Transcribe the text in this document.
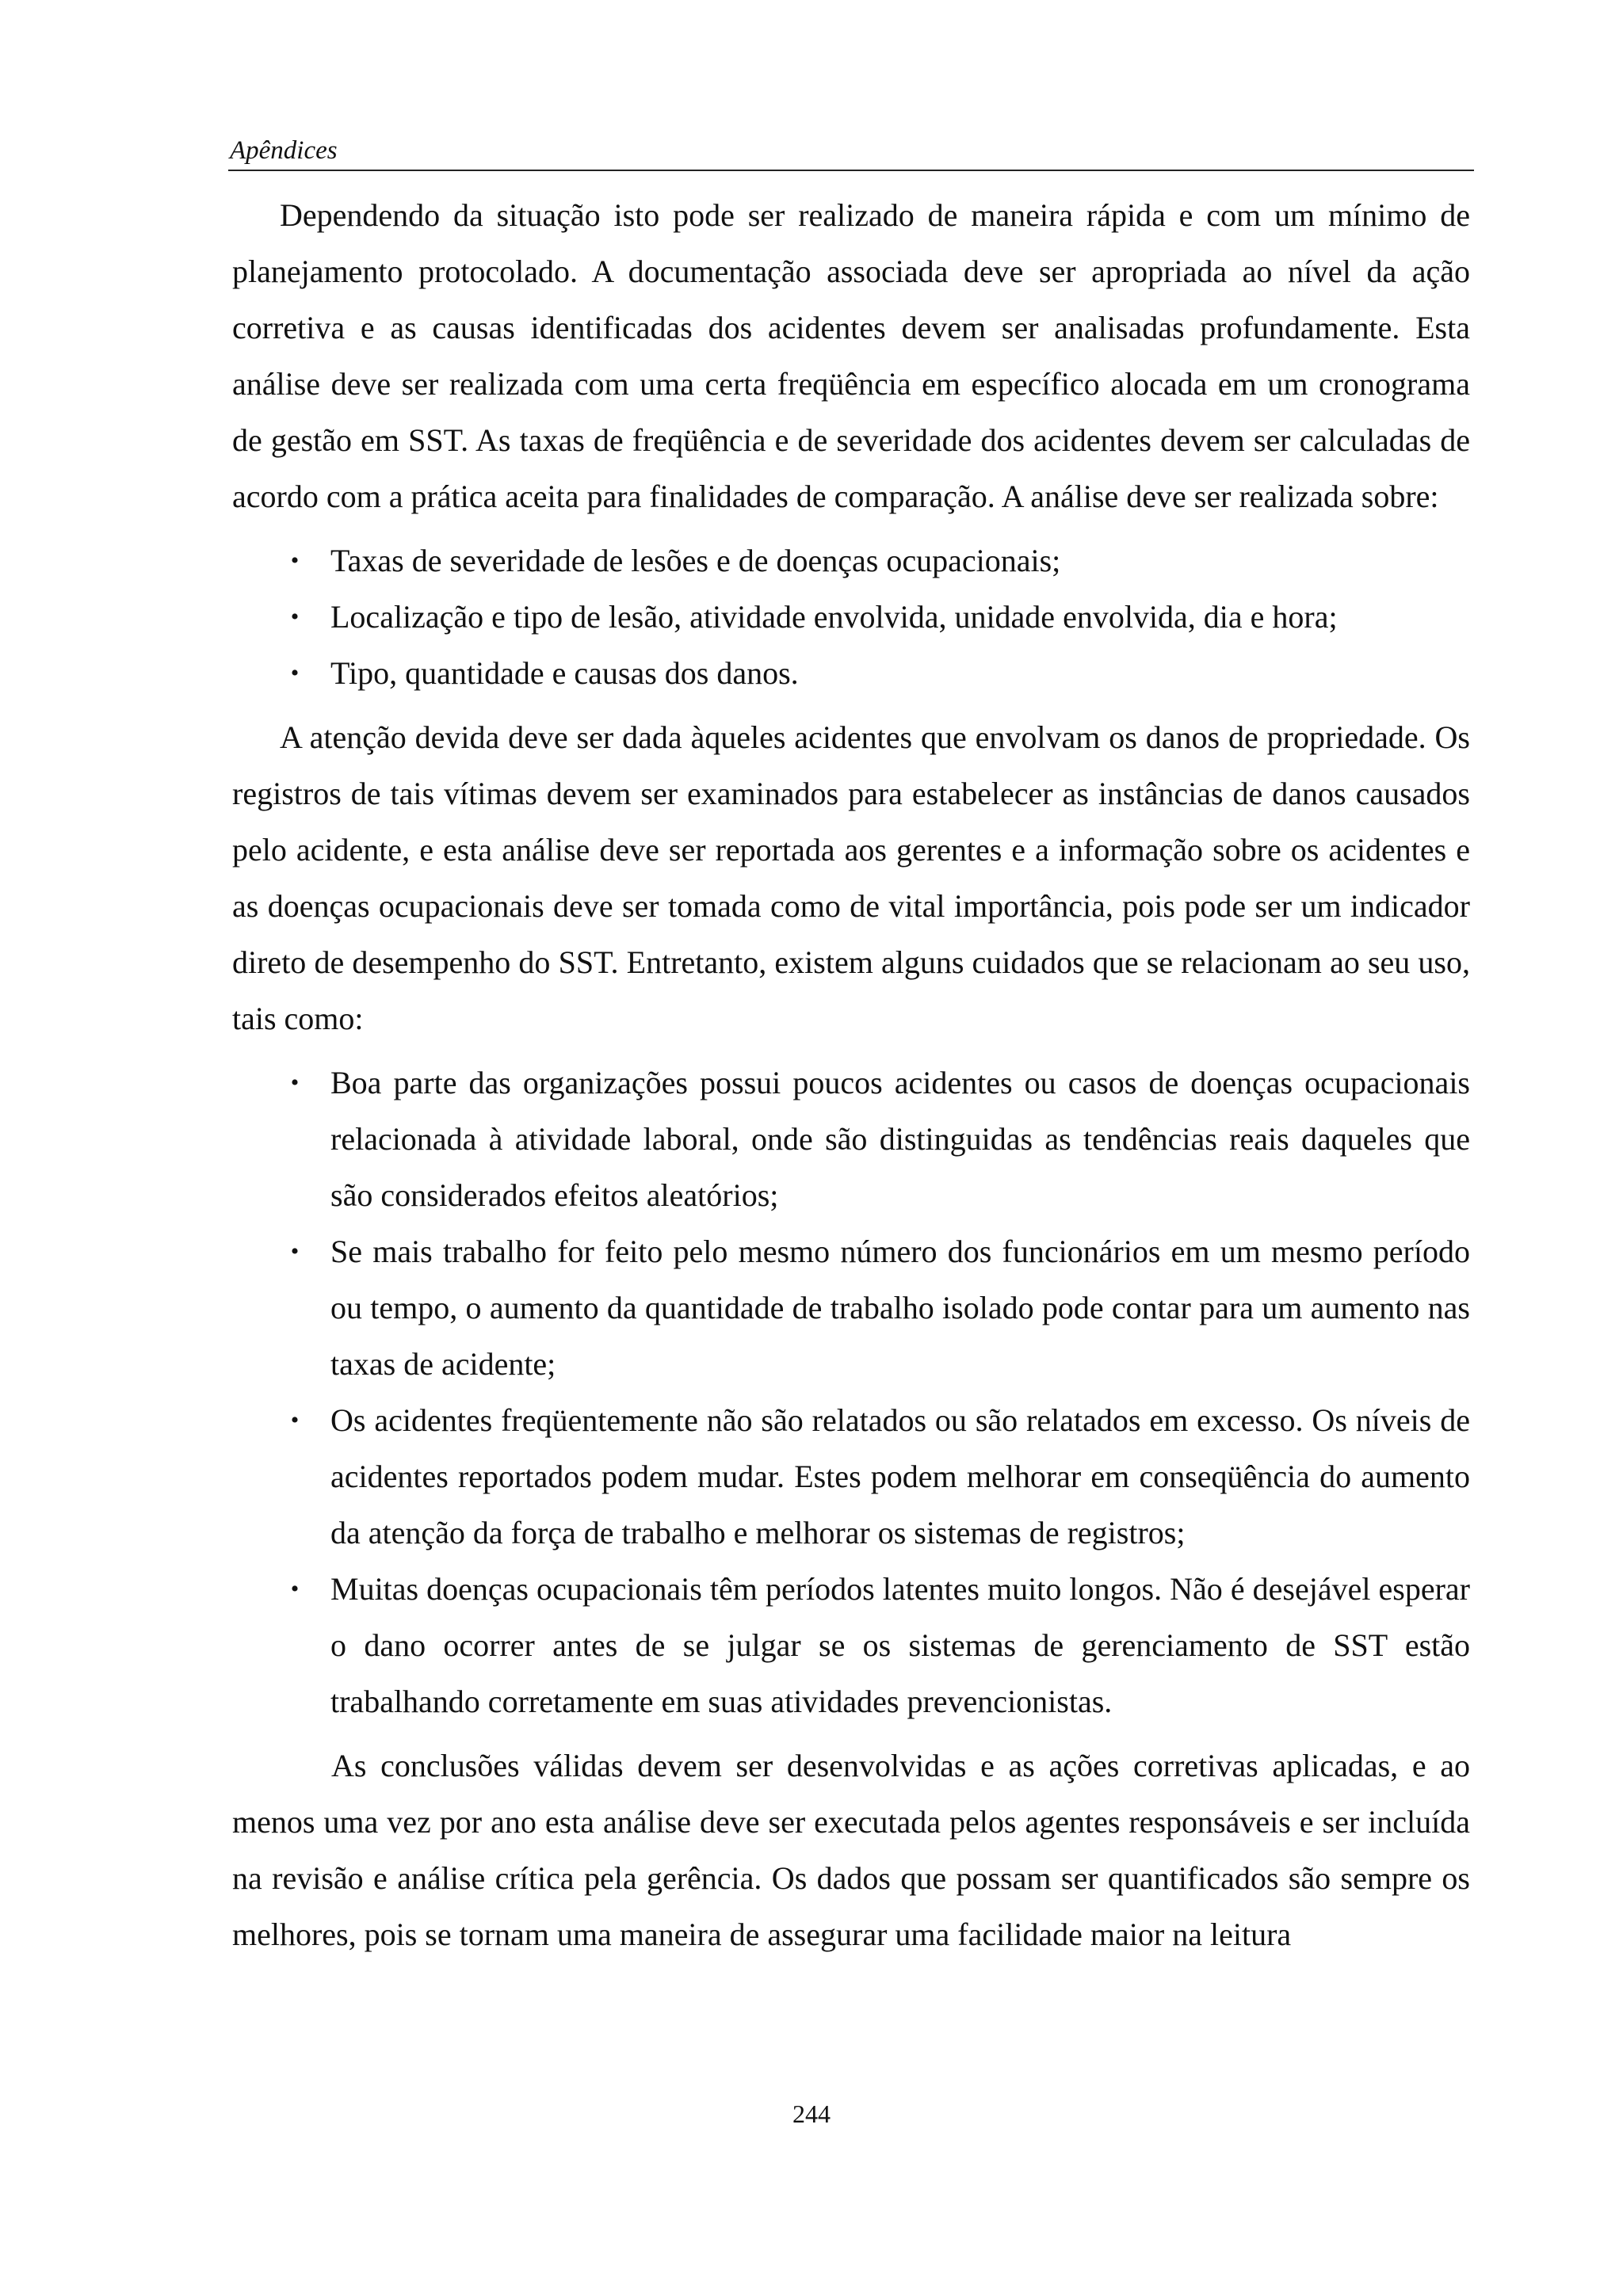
Apêndices

Dependendo da situação isto pode ser realizado de maneira rápida e com um mínimo de planejamento protocolado. A documentação associada deve ser apropriada ao nível da ação corretiva e as causas identificadas dos acidentes devem ser analisadas profundamente. Esta análise deve ser realizada com uma certa freqüência em específico alocada em um cronograma de gestão em SST. As taxas de freqüência e de severidade dos acidentes devem ser calculadas de acordo com a prática aceita para finalidades de comparação. A análise deve ser realizada sobre:

• Taxas de severidade de lesões e de doenças ocupacionais;
• Localização e tipo de lesão, atividade envolvida, unidade envolvida, dia e hora;
• Tipo, quantidade e causas dos danos.

A atenção devida deve ser dada àqueles acidentes que envolvam os danos de propriedade. Os registros de tais vítimas devem ser examinados para estabelecer as instâncias de danos causados pelo acidente, e esta análise deve ser reportada aos gerentes e a informação sobre os acidentes e as doenças ocupacionais deve ser tomada como de vital importância, pois pode ser um indicador direto de desempenho do SST. Entretanto, existem alguns cuidados que se relacionam ao seu uso, tais como:

• Boa parte das organizações possui poucos acidentes ou casos de doenças ocupacionais relacionada à atividade laboral, onde são distinguidas as tendências reais daqueles que são considerados efeitos aleatórios;
• Se mais trabalho for feito pelo mesmo número dos funcionários em um mesmo período ou tempo, o aumento da quantidade de trabalho isolado pode contar para um aumento nas taxas de acidente;
• Os acidentes freqüentemente não são relatados ou são relatados em excesso. Os níveis de acidentes reportados podem mudar. Estes podem melhorar em conseqüência do aumento da atenção da força de trabalho e melhorar os sistemas de registros;
• Muitas doenças ocupacionais têm períodos latentes muito longos. Não é desejável esperar o dano ocorrer antes de se julgar se os sistemas de gerenciamento de SST estão trabalhando corretamente em suas atividades prevencionistas.

As conclusões válidas devem ser desenvolvidas e as ações corretivas aplicadas, e ao menos uma vez por ano esta análise deve ser executada pelos agentes responsáveis e ser incluída na revisão e análise crítica pela gerência. Os dados que possam ser quantificados são sempre os melhores, pois se tornam uma maneira de assegurar uma facilidade maior na leitura

244
